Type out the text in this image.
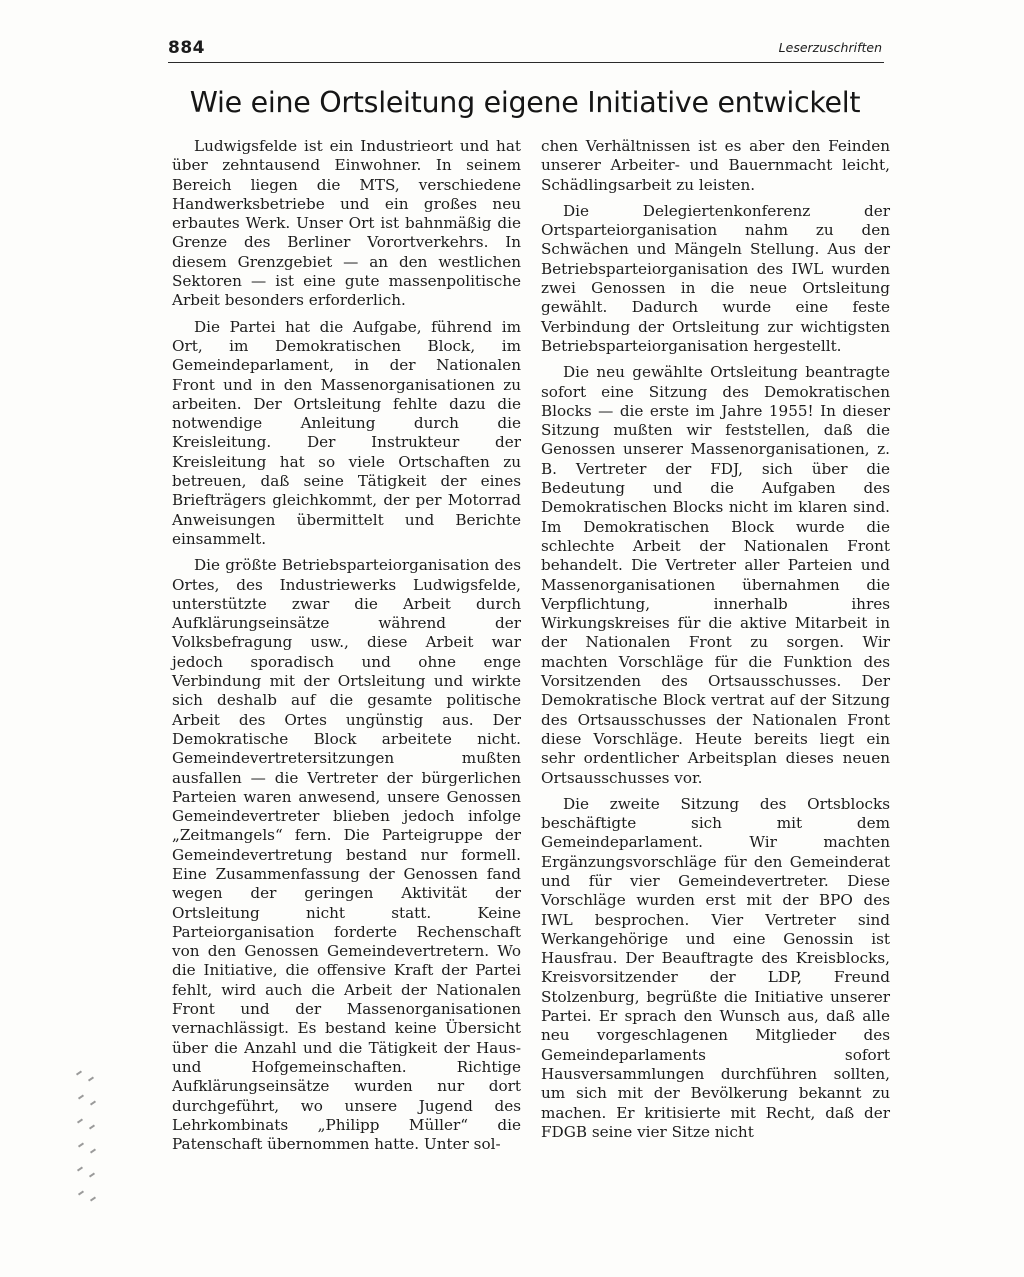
884	Leserzuschriften
Wie eine Ortsleitung eigene Initiative entwickelt

Ludwigsfelde ist ein Industrieort und hat über zehntausend Einwohner. In seinem Bereich liegen die MTS, verschiedene Handwerksbetriebe und ein großes neu erbautes Werk. Unser Ort ist bahnmäßig die Grenze des Berliner Vorortverkehrs. In diesem Grenzgebiet — an den westlichen Sektoren — ist eine gute massenpolitische Arbeit besonders erforderlich.

Die Partei hat die Aufgabe, führend im Ort, im Demokratischen Block, im Gemeindeparlament, in der Nationalen Front und in den Massenorganisationen zu arbeiten. Der Ortsleitung fehlte dazu die notwendige Anleitung durch die Kreisleitung. Der Instrukteur der Kreisleitung hat so viele Ortschaften zu betreuen, daß seine Tätigkeit der eines Briefträgers gleichkommt, der per Motorrad Anweisungen übermittelt und Berichte einsammelt.

Die größte Betriebsparteiorganisation des Ortes, des Industriewerks Ludwigsfelde, unterstützte zwar die Arbeit durch Aufklärungseinsätze während der Volksbefragung usw., diese Arbeit war jedoch sporadisch und ohne enge Verbindung mit der Ortsleitung und wirkte sich deshalb auf die gesamte politische Arbeit des Ortes ungünstig aus. Der Demokratische Block arbeitete nicht. Gemeindevertretersitzungen mußten ausfallen — die Vertreter der bürgerlichen Parteien waren anwesend, unsere Genossen Gemeindevertreter blieben jedoch infolge „Zeitmangels“ fern. Die Parteigruppe der Gemeindevertretung bestand nur formell. Eine Zusammenfassung der Genossen fand wegen der geringen Aktivität der Ortsleitung nicht statt. Keine Parteiorganisation forderte Rechenschaft von den Genossen Gemeindevertretern. Wo die Initiative, die offensive Kraft der Partei fehlt, wird auch die Arbeit der Nationalen Front und der Massenorganisationen vernachlässigt. Es bestand keine Übersicht über die Anzahl und die Tätigkeit der Haus- und Hofgemeinschaften. Richtige Aufklärungseinsätze wurden nur dort durchgeführt, wo unsere Jugend des Lehrkombinats „Philipp Müller“ die Patenschaft übernommen hatte. Unter sol-

chen Verhältnissen ist es aber den Feinden unserer Arbeiter- und Bauernmacht leicht, Schädlingsarbeit zu leisten.

Die Delegiertenkonferenz der Ortsparteiorganisation nahm zu den Schwächen und Mängeln Stellung. Aus der Betriebsparteiorganisation des IWL wurden zwei Genossen in die neue Ortsleitung gewählt. Dadurch wurde eine feste Verbindung der Ortsleitung zur wichtigsten Betriebsparteiorganisation hergestellt.

Die neu gewählte Ortsleitung beantragte sofort eine Sitzung des Demokratischen Blocks — die erste im Jahre 1955! In dieser Sitzung mußten wir feststellen, daß die Genossen unserer Massenorganisationen, z. B. Vertreter der FDJ, sich über die Bedeutung und die Aufgaben des Demokratischen Blocks nicht im klaren sind. Im Demokratischen Block wurde die schlechte Arbeit der Nationalen Front behandelt. Die Vertreter aller Parteien und Massenorganisationen übernahmen die Verpflichtung, innerhalb ihres Wirkungskreises für die aktive Mitarbeit in der Nationalen Front zu sorgen. Wir machten Vorschläge für die Funktion des Vorsitzenden des Ortsausschusses. Der Demokratische Block vertrat auf der Sitzung des Ortsausschusses der Nationalen Front diese Vorschläge. Heute bereits liegt ein sehr ordentlicher Arbeitsplan dieses neuen Ortsausschusses vor.

Die zweite Sitzung des Ortsblocks beschäftigte sich mit dem Gemeindeparlament. Wir machten Ergänzungsvorschläge für den Gemeinderat und für vier Gemeindevertreter. Diese Vorschläge wurden erst mit der BPO des IWL besprochen. Vier Vertreter sind Werkangehörige und eine Genossin ist Hausfrau. Der Beauftragte des Kreisblocks, Kreisvorsitzender der LDP, Freund Stolzenburg, begrüßte die Initiative unserer Partei. Er sprach den Wunsch aus, daß alle neu vorgeschlagenen Mitglieder des Gemeindeparlaments sofort Hausversammlungen durchführen sollten, um sich mit der Bevölkerung bekannt zu machen. Er kritisierte mit Recht, daß der FDGB seine vier Sitze nicht
